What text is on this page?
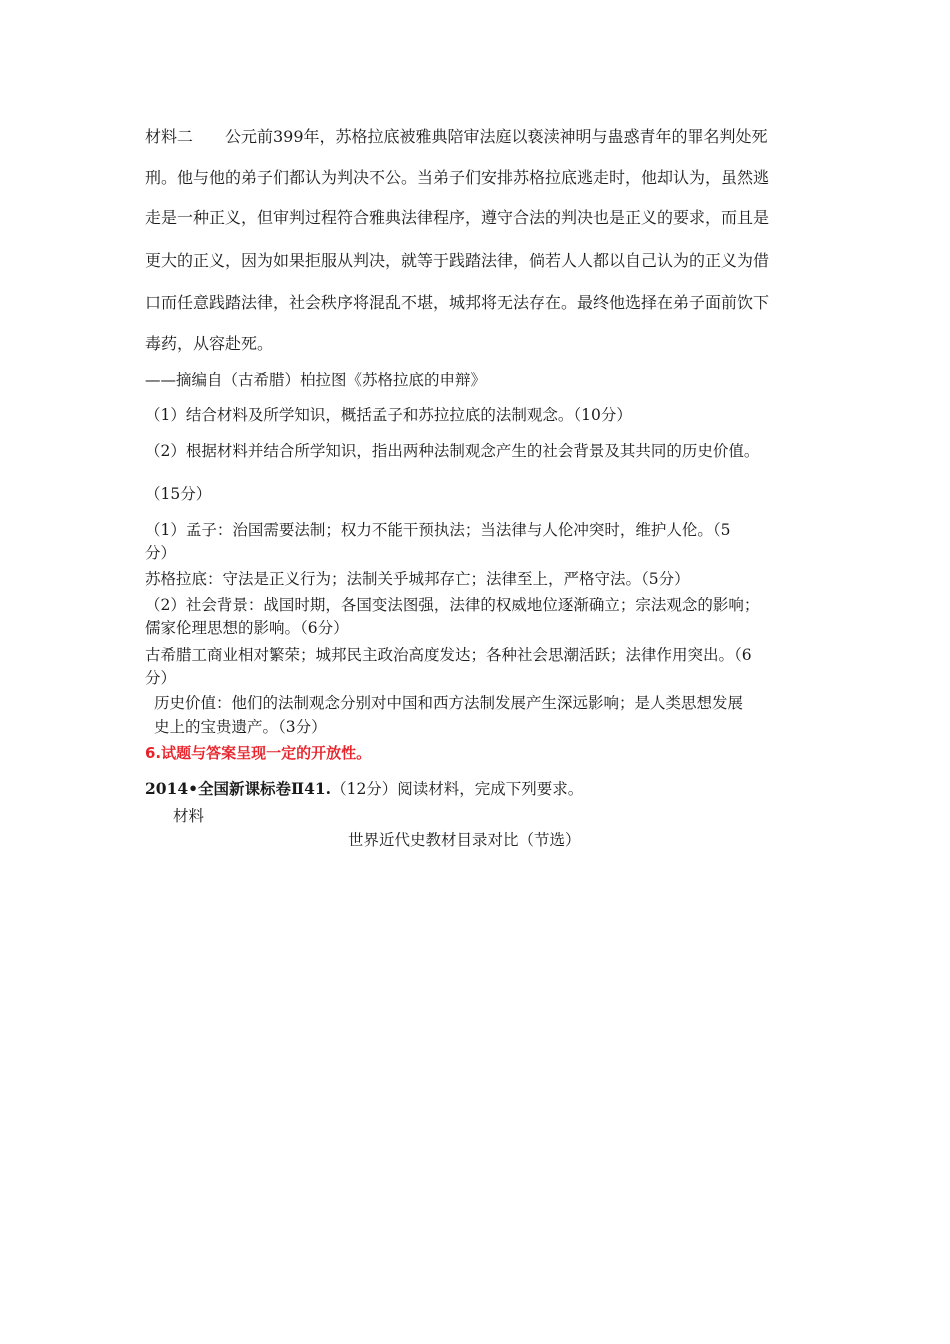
材料二　　公元前399年，苏格拉底被雅典陪审法庭以亵渎神明与蛊惑青年的罪名判处死
刑。他与他的弟子们都认为判决不公。当弟子们安排苏格拉底逃走时，他却认为，虽然逃
走是一种正义，但审判过程符合雅典法律程序，遵守合法的判决也是正义的要求，而且是
更大的正义，因为如果拒服从判决，就等于践踏法律，倘若人人都以自己认为的正义为借
口而任意践踏法律，社会秩序将混乱不堪，城邦将无法存在。最终他选择在弟子面前饮下
毒药，从容赴死。
——摘编自（古希腊）柏拉图《苏格拉底的申辩》
（1）结合材料及所学知识，概括孟子和苏拉拉底的法制观念。（10分）
（2）根据材料并结合所学知识，指出两种法制观念产生的社会背景及其共同的历史价值。
（15分）
（1）孟子：治国需要法制；权力不能干预执法；当法律与人伦冲突时，维护人伦。（5
分）
苏格拉底：守法是正义行为；法制关乎城邦存亡；法律至上，严格守法。（5分）
（2）社会背景：战国时期，各国变法图强，法律的权威地位逐渐确立；宗法观念的影响；
儒家伦理思想的影响。（6分）
古希腊工商业相对繁荣；城邦民主政治高度发达；各种社会思潮活跃；法律作用突出。（6
分）
历史价值：他们的法制观念分别对中国和西方法制发展产生深远影响；是人类思想发展
史上的宝贵遗产。（3分）
6.试题与答案呈现一定的开放性。
2014•全国新课标卷Ⅱ41.（12分）阅读材料，完成下列要求。
材料
世界近代史教材目录对比（节选）
